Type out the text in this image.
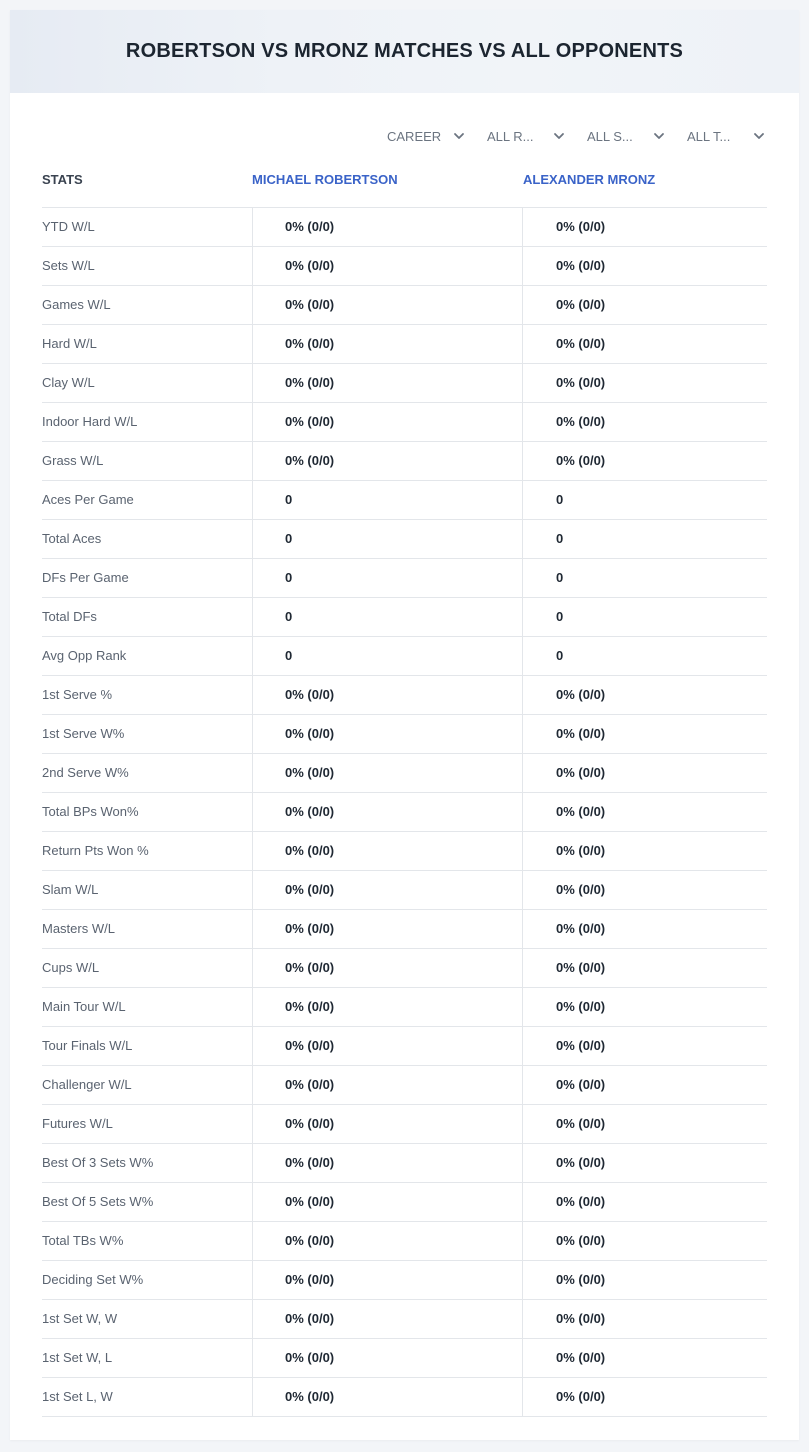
ROBERTSON VS MRONZ MATCHES VS ALL OPPONENTS
CAREER	ALL R...	ALL S...	ALL T...
STATS	MICHAEL ROBERTSON	ALEXANDER MRONZ
YTD W/L	0% (0/0)	0% (0/0)
Sets W/L	0% (0/0)	0% (0/0)
Games W/L	0% (0/0)	0% (0/0)
Hard W/L	0% (0/0)	0% (0/0)
Clay W/L	0% (0/0)	0% (0/0)
Indoor Hard W/L	0% (0/0)	0% (0/0)
Grass W/L	0% (0/0)	0% (0/0)
Aces Per Game	0	0
Total Aces	0	0
DFs Per Game	0	0
Total DFs	0	0
Avg Opp Rank	0	0
1st Serve %	0% (0/0)	0% (0/0)
1st Serve W%	0% (0/0)	0% (0/0)
2nd Serve W%	0% (0/0)	0% (0/0)
Total BPs Won%	0% (0/0)	0% (0/0)
Return Pts Won %	0% (0/0)	0% (0/0)
Slam W/L	0% (0/0)	0% (0/0)
Masters W/L	0% (0/0)	0% (0/0)
Cups W/L	0% (0/0)	0% (0/0)
Main Tour W/L	0% (0/0)	0% (0/0)
Tour Finals W/L	0% (0/0)	0% (0/0)
Challenger W/L	0% (0/0)	0% (0/0)
Futures W/L	0% (0/0)	0% (0/0)
Best Of 3 Sets W%	0% (0/0)	0% (0/0)
Best Of 5 Sets W%	0% (0/0)	0% (0/0)
Total TBs W%	0% (0/0)	0% (0/0)
Deciding Set W%	0% (0/0)	0% (0/0)
1st Set W, W	0% (0/0)	0% (0/0)
1st Set W, L	0% (0/0)	0% (0/0)
1st Set L, W	0% (0/0)	0% (0/0)
